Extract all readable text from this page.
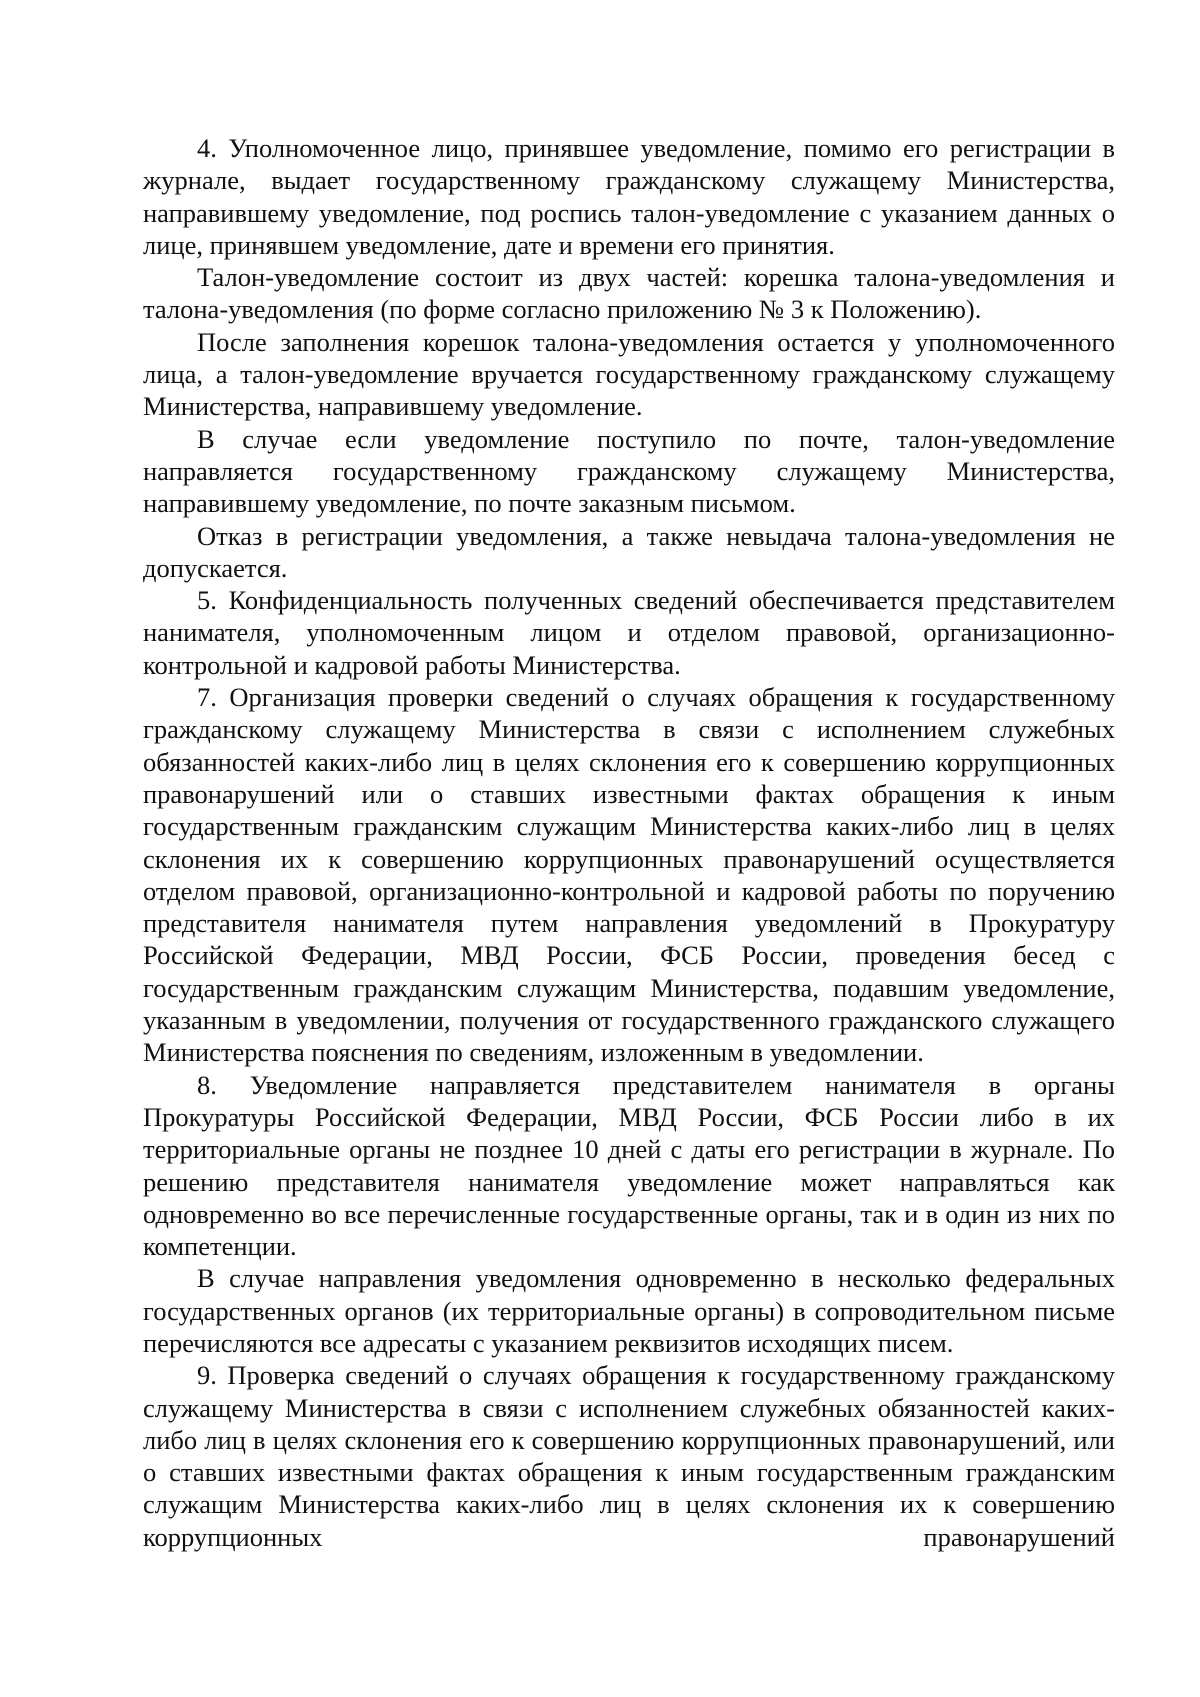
4. Уполномоченное лицо, принявшее уведомление, помимо его регистрации в журнале, выдает государственному гражданскому служащему Министерства, направившему уведомление, под роспись талон-уведомление с указанием данных о лице, принявшем уведомление, дате и времени его принятия.

Талон-уведомление состоит из двух частей: корешка талона-уведомления и талона-уведомления (по форме согласно приложению № 3 к Положению).

После заполнения корешок талона-уведомления остается у уполномоченного лица, а талон-уведомление вручается государственному гражданскому служащему Министерства, направившему уведомление.

В случае если уведомление поступило по почте, талон-уведомление направляется государственному гражданскому служащему Министерства, направившему уведомление, по почте заказным письмом.

Отказ в регистрации уведомления, а также невыдача талона-уведомления не допускается.

5. Конфиденциальность полученных сведений обеспечивается представителем нанимателя, уполномоченным лицом и отделом правовой, организационно-контрольной и кадровой работы Министерства.

7. Организация проверки сведений о случаях обращения к государственному гражданскому служащему Министерства в связи с исполнением служебных обязанностей каких-либо лиц в целях склонения его к совершению коррупционных правонарушений или о ставших известными фактах обращения к иным государственным гражданским служащим Министерства каких-либо лиц в целях склонения их к совершению коррупционных правонарушений осуществляется отделом правовой, организационно-контрольной и кадровой работы по поручению представителя нанимателя путем направления уведомлений в Прокуратуру Российской Федерации, МВД России, ФСБ России, проведения бесед с государственным гражданским служащим Министерства, подавшим уведомление, указанным в уведомлении, получения от государственного гражданского служащего Министерства пояснения по сведениям, изложенным в уведомлении.

8. Уведомление направляется представителем нанимателя в органы Прокуратуры Российской Федерации, МВД России, ФСБ России либо в их территориальные органы не позднее 10 дней с даты его регистрации в журнале. По решению представителя нанимателя уведомление может направляться как одновременно во все перечисленные государственные органы, так и в один из них по компетенции.

В случае направления уведомления одновременно в несколько федеральных государственных органов (их территориальные органы) в сопроводительном письме перечисляются все адресаты с указанием реквизитов исходящих писем.

9. Проверка сведений о случаях обращения к государственному гражданскому служащему Министерства в связи с исполнением служебных обязанностей каких-либо лиц в целях склонения его к совершению коррупционных правонарушений, или о ставших известными фактах обращения к иным государственным гражданским служащим Министерства каких-либо лиц в целях склонения их к совершению коррупционных правонарушений
